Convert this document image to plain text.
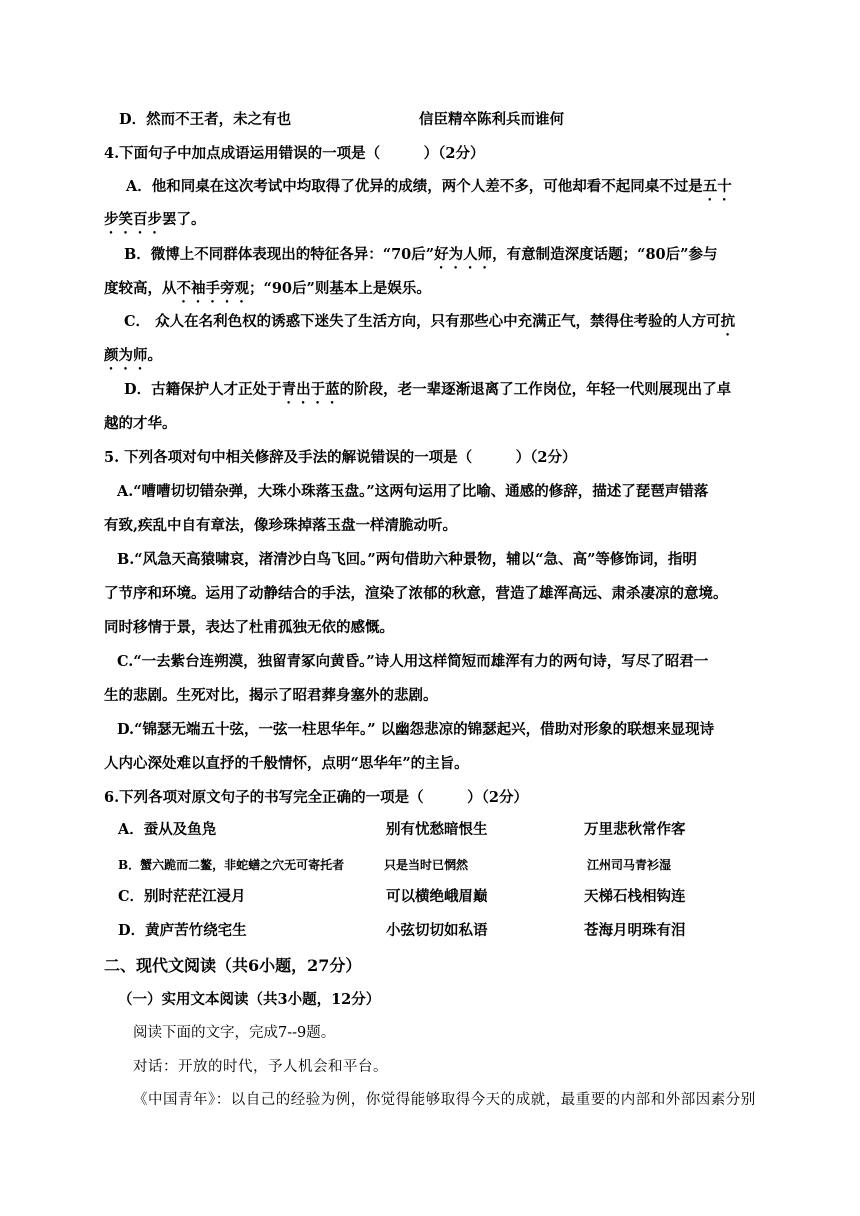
D．然而不王者，未之有也	信臣精卒陈利兵而谁何
4.下面句子中加点成语运用错误的一项是（　　　）（2分）
A．他和同桌在这次考试中均取得了优异的成绩，两个人差不多，可他却看不起同桌不过是五十
步笑百步罢了。
B．微博上不同群体表现出的特征各异：“70后”好为人师，有意制造深度话题；“80后”参与
度较高，从不袖手旁观；“90后”则基本上是娱乐。
C． 众人在名利色权的诱惑下迷失了生活方向，只有那些心中充满正气，禁得住考验的人方可抗
颜为师。
D．古籍保护人才正处于青出于蓝的阶段，老一辈逐渐退离了工作岗位，年轻一代则展现出了卓
越的才华。
5. 下列各项对句中相关修辞及手法的解说错误的一项是（　　　）（2分）
A.“嘈嘈切切错杂弹，大珠小珠落玉盘。”这两句运用了比喻、通感的修辞，描述了琵琶声错落
有致,疾乱中自有章法，像珍珠掉落玉盘一样清脆动听。
B.“风急天高猿啸哀，渚清沙白鸟飞回。”两句借助六种景物，辅以“急、高”等修饰词，指明
了节序和环境。运用了动静结合的手法，渲染了浓郁的秋意，营造了雄浑高远、肃杀凄凉的意境。
同时移情于景，表达了杜甫孤独无依的感慨。
C.“一去紫台连朔漠，独留青冢向黄昏。”诗人用这样简短而雄浑有力的两句诗，写尽了昭君一
生的悲剧。生死对比，揭示了昭君葬身塞外的悲剧。
D.“锦瑟无端五十弦，一弦一柱思华年。” 以幽怨悲凉的锦瑟起兴，借助对形象的联想来显现诗
人内心深处难以直抒的千般情怀，点明“思华年”的主旨。
6.下列各项对原文句子的书写完全正确的一项是（　　　）（2分）
A．蚕从及鱼凫	别有忧愁暗恨生	万里悲秋常作客
B．蟹六跪而二鳌，非蛇蟮之穴无可寄托者	只是当时已惘然	江州司马青衫湿
C．别时茫茫江浸月	可以横绝峨眉巅	天梯石栈相钩连
D．黄庐苦竹绕宅生	小弦切切如私语	苍海月明珠有泪
二、现代文阅读（共6小题，27分）
（一）实用文本阅读（共3小题，12分）
阅读下面的文字，完成7--9题。
对话：开放的时代，予人机会和平台。
《中国青年》：以自己的经验为例，你觉得能够取得今天的成就，最重要的内部和外部因素分别
